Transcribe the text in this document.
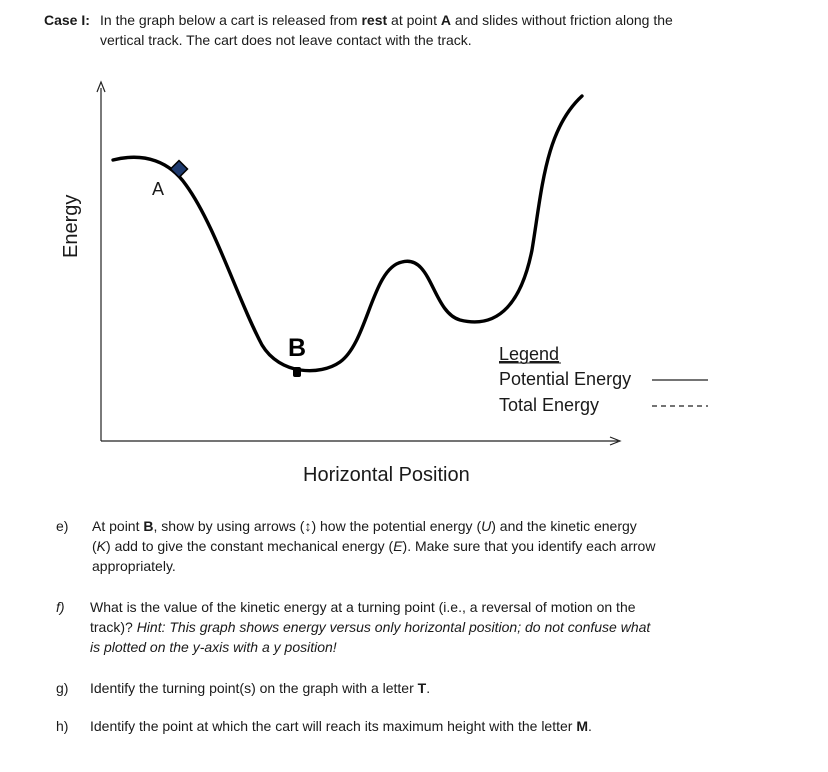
Case I: In the graph below a cart is released from rest at point A and slides without friction along the
vertical track. The cart does not leave contact with the track.
A
B
Energy
Horizontal Position
Legend
Potential Energy
Total Energy
e) At point B, show by using arrows (↕) how the potential energy (U) and the kinetic energy
(K) add to give the constant mechanical energy (E). Make sure that you identify each arrow
appropriately.
f) What is the value of the kinetic energy at a turning point (i.e., a reversal of motion on the
track)? Hint: This graph shows energy versus only horizontal position; do not confuse what
is plotted on the y-axis with a y position!
g) Identify the turning point(s) on the graph with a letter T.
h) Identify the point at which the cart will reach its maximum height with the letter M.
